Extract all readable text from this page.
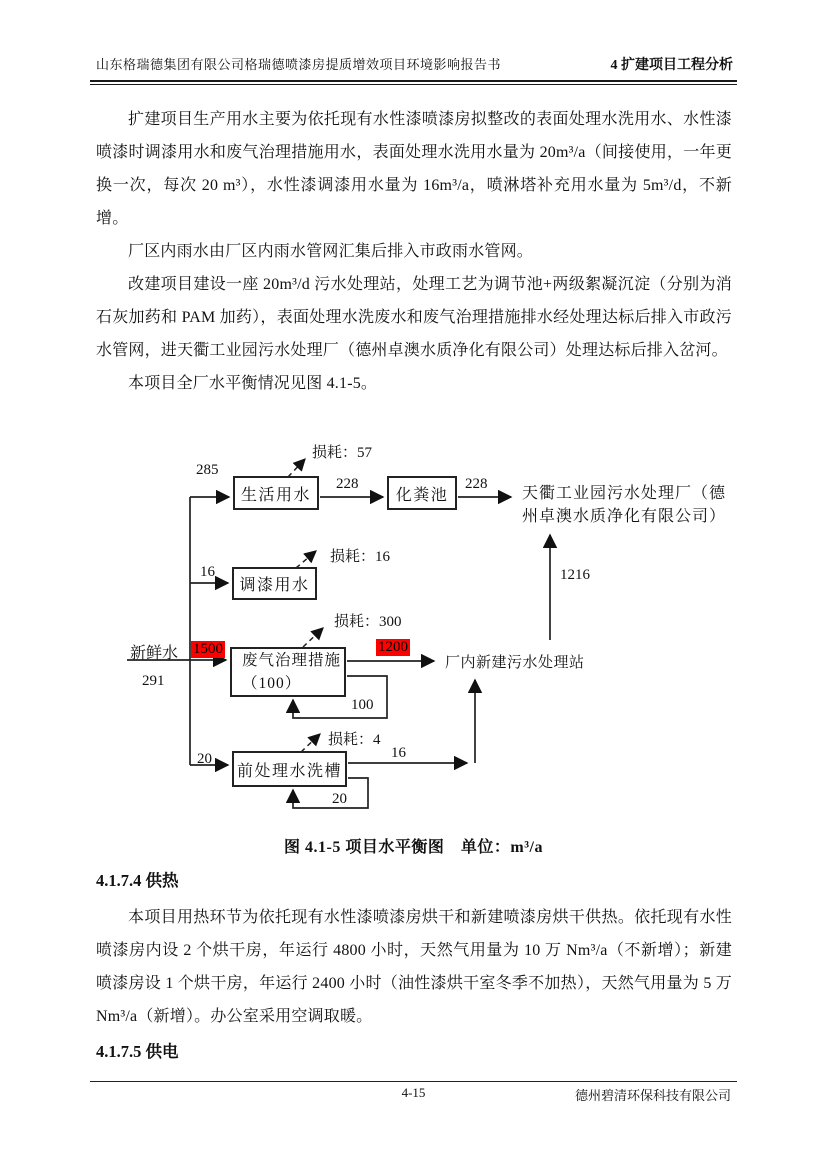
山东格瑞德集团有限公司格瑞德喷漆房提质增效项目环境影响报告书	4 扩建项目工程分析

扩建项目生产用水主要为依托现有水性漆喷漆房拟整改的表面处理水洗用水、水性漆喷漆时调漆用水和废气治理措施用水，表面处理水洗用水量为 20m³/a（间接使用，一年更换一次，每次 20 m³），水性漆调漆用水量为 16m³/a，喷淋塔补充用水量为 5m³/d，不新增。

厂区内雨水由厂区内雨水管网汇集后排入市政雨水管网。

改建项目建设一座 20m³/d 污水处理站，处理工艺为调节池+两级絮凝沉淀（分别为消石灰加药和 PAM 加药），表面处理水洗废水和废气治理措施排水经处理达标后排入市政污水管网，进天衢工业园污水处理厂（德州卓澳水质净化有限公司）处理达标后排入岔河。

本项目全厂水平衡情况见图 4.1-5。

生活用水	化粪池
调漆用水
废气治理措施
（100）
前处理水洗槽
新鲜水
天衢工业园污水处理厂（德州卓澳水质净化有限公司）
厂内新建污水处理站
291
285
228	228
16
1500	1200
100
20	16
20
1216
损耗：57
损耗：16
损耗：300
损耗：4
图 4.1-5 项目水平衡图　单位：m³/a
4.1.7.4 供热

本项目用热环节为依托现有水性漆喷漆房烘干和新建喷漆房烘干供热。依托现有水性喷漆房内设 2 个烘干房，年运行 4800 小时，天然气用量为 10 万 Nm³/a（不新增）；新建喷漆房设 1 个烘干房，年运行 2400 小时（油性漆烘干室冬季不加热），天然气用量为 5 万 Nm³/a（新增）。办公室采用空调取暖。

4.1.7.5 供电
4-15	德州碧清环保科技有限公司
